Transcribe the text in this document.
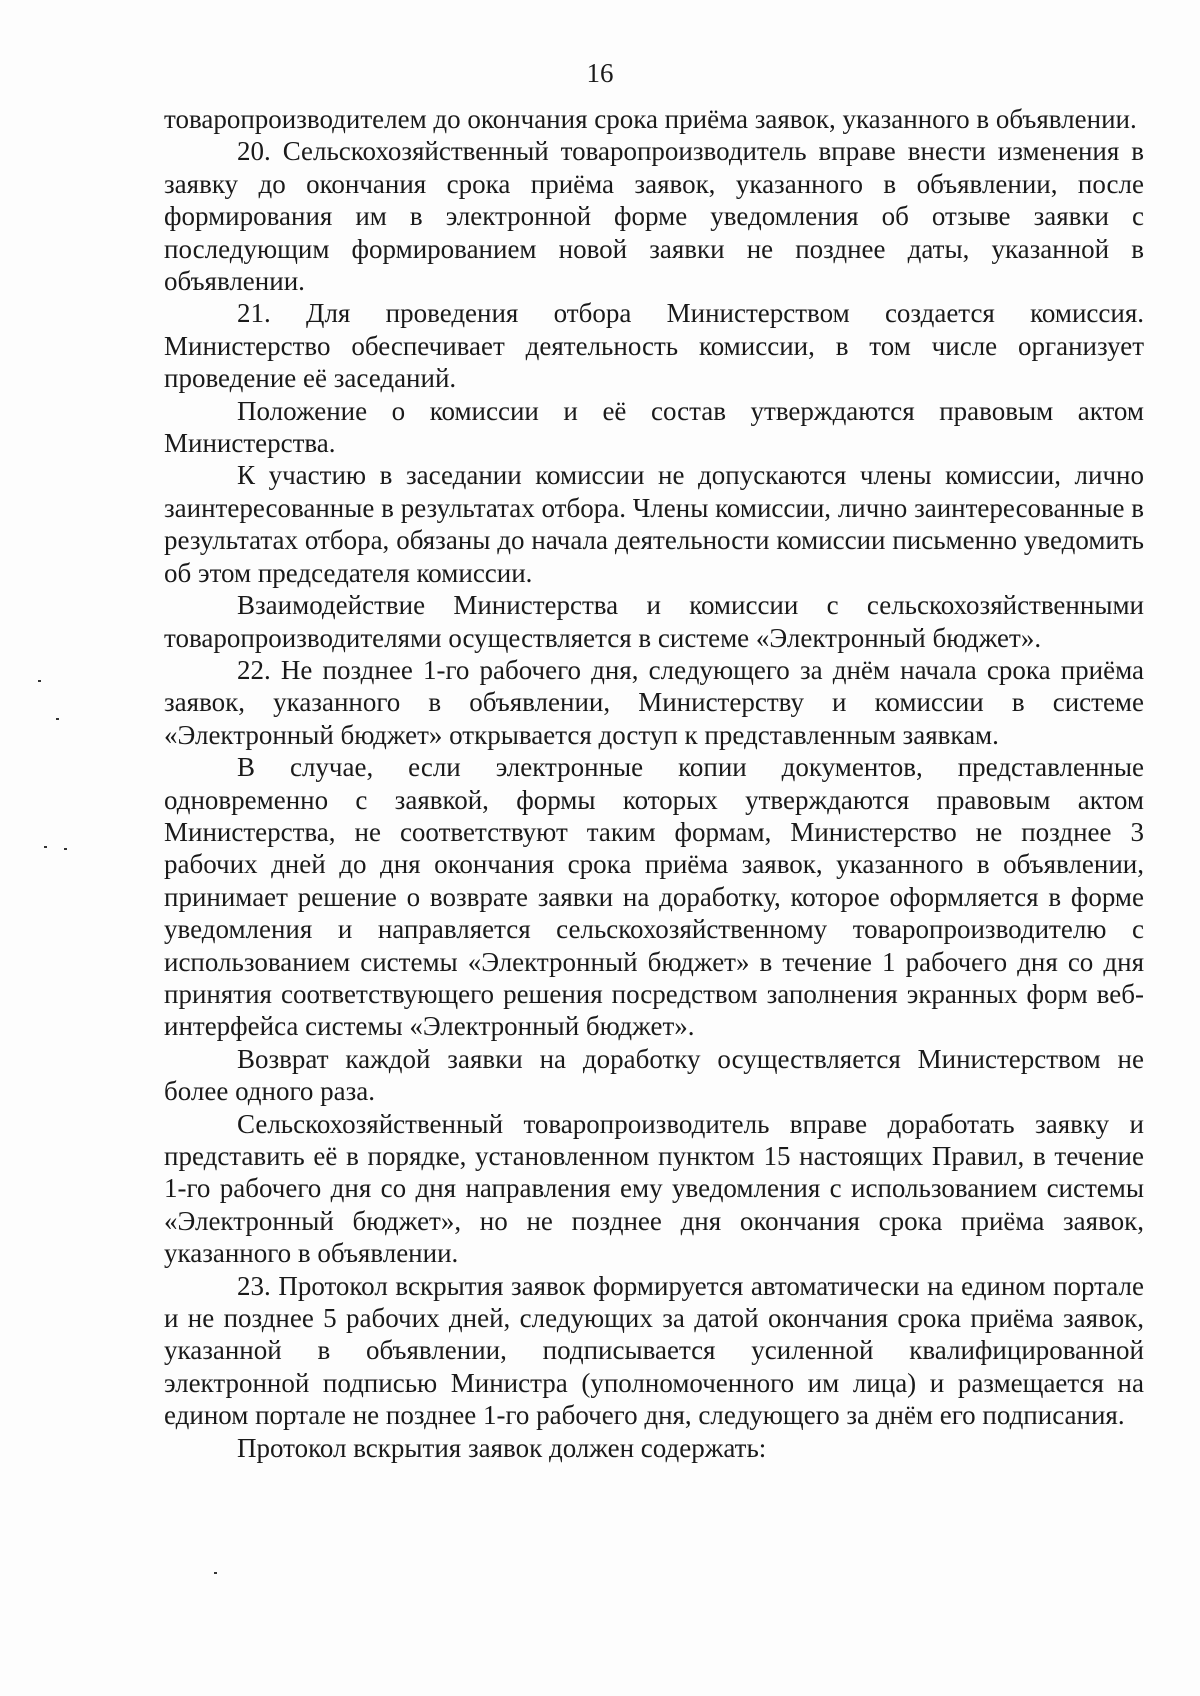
16

товаропроизводителем до окончания срока приёма заявок, указанного в объявлении.

20. Сельскохозяйственный товаропроизводитель вправе внести изменения в заявку до окончания срока приёма заявок, указанного в объявлении, после формирования им в электронной форме уведомления об отзыве заявки с последующим формированием новой заявки не позднее даты, указанной в объявлении.

21. Для проведения отбора Министерством создается комиссия. Министерство обеспечивает деятельность комиссии, в том числе организует проведение её заседаний.

Положение о комиссии и её состав утверждаются правовым актом Министерства.

К участию в заседании комиссии не допускаются члены комиссии, лично заинтересованные в результатах отбора. Члены комиссии, лично заинтересованные в результатах отбора, обязаны до начала деятельности комиссии письменно уведомить об этом председателя комиссии.

Взаимодействие Министерства и комиссии с сельскохозяйственными товаропроизводителями осуществляется в системе «Электронный бюджет».

22. Не позднее 1-го рабочего дня, следующего за днём начала срока приёма заявок, указанного в объявлении, Министерству и комиссии в системе «Электронный бюджет» открывается доступ к представленным заявкам.

В случае, если электронные копии документов, представленные одновременно с заявкой, формы которых утверждаются правовым актом Министерства, не соответствуют таким формам, Министерство не позднее 3 рабочих дней до дня окончания срока приёма заявок, указанного в объявлении, принимает решение о возврате заявки на доработку, которое оформляется в форме уведомления и направляется сельскохозяйственному товаропроизводителю с использованием системы «Электронный бюджет» в течение 1 рабочего дня со дня принятия соответствующего решения посредством заполнения экранных форм веб-интерфейса системы «Электронный бюджет».

Возврат каждой заявки на доработку осуществляется Министерством не более одного раза.

Сельскохозяйственный товаропроизводитель вправе доработать заявку и представить её в порядке, установленном пунктом 15 настоящих Правил, в течение 1-го рабочего дня со дня направления ему уведомления с использованием системы «Электронный бюджет», но не позднее дня окончания срока приёма заявок, указанного в объявлении.

23. Протокол вскрытия заявок формируется автоматически на едином портале и не позднее 5 рабочих дней, следующих за датой окончания срока приёма заявок, указанной в объявлении, подписывается усиленной квалифицированной электронной подписью Министра (уполномоченного им лица) и размещается на едином портале не позднее 1-го рабочего дня, следующего за днём его подписания.

Протокол вскрытия заявок должен содержать:
